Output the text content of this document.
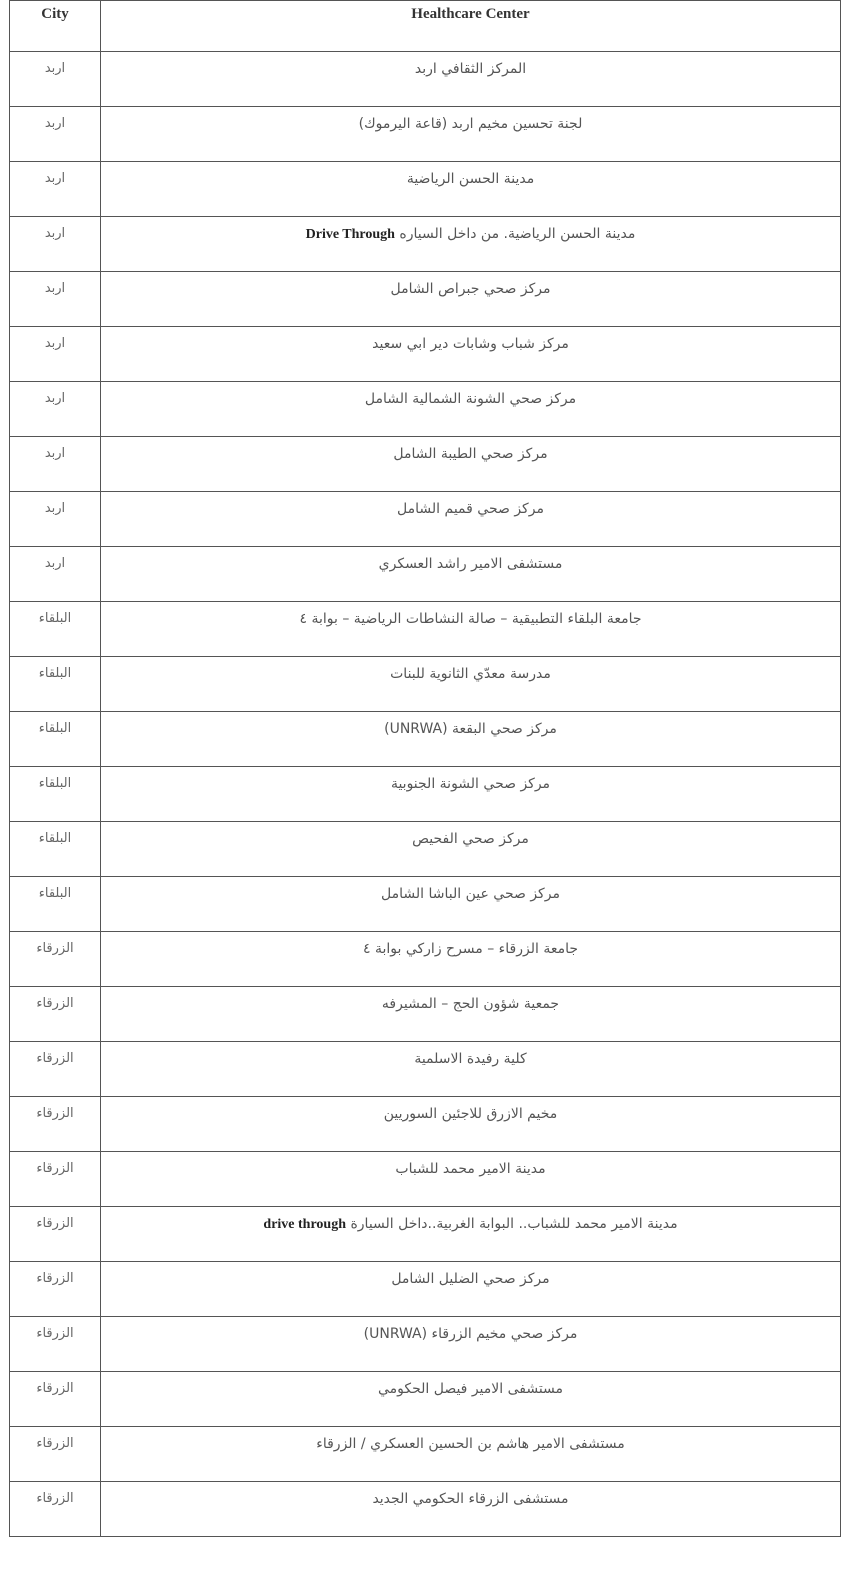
City	Healthcare Center
اربد	المركز الثقافي اربد
اربد	لجنة تحسين مخيم اربد (قاعة اليرموك)
اربد	مدينة الحسن الرياضية
اربد	مدينة الحسن الرياضية. من داخل السياره Drive Through
اربد	مركز صحي جبراص الشامل
اربد	مركز شباب وشابات دير ابي سعيد
اربد	مركز صحي الشونة الشمالية الشامل
اربد	مركز صحي الطيبة الشامل
اربد	مركز صحي قميم الشامل
اربد	مستشفى الامير راشد العسكري
البلقاء	جامعة البلقاء التطبيقية – صالة النشاطات الرياضية – بوابة ٤
البلقاء	مدرسة معدّي الثانوية للبنات
البلقاء	مركز صحي البقعة (UNRWA)
البلقاء	مركز صحي الشونة الجنوبية
البلقاء	مركز صحي الفحيص
البلقاء	مركز صحي عين الباشا الشامل
الزرقاء	جامعة الزرقاء – مسرح زاركي بوابة ٤
الزرقاء	جمعية شؤون الحج – المشيرفه
الزرقاء	كلية رفيدة الاسلمية
الزرقاء	مخيم الازرق للاجئين السوريين
الزرقاء	مدينة الامير محمد للشباب
الزرقاء	مدينة الامير محمد للشباب.. البوابة الغربية..داخل السيارة drive through
الزرقاء	مركز صحي الضليل الشامل
الزرقاء	مركز صحي مخيم الزرقاء (UNRWA)
الزرقاء	مستشفى الامير فيصل الحكومي
الزرقاء	مستشفى الامير هاشم بن الحسين العسكري / الزرقاء
الزرقاء	مستشفى الزرقاء الحكومي الجديد
